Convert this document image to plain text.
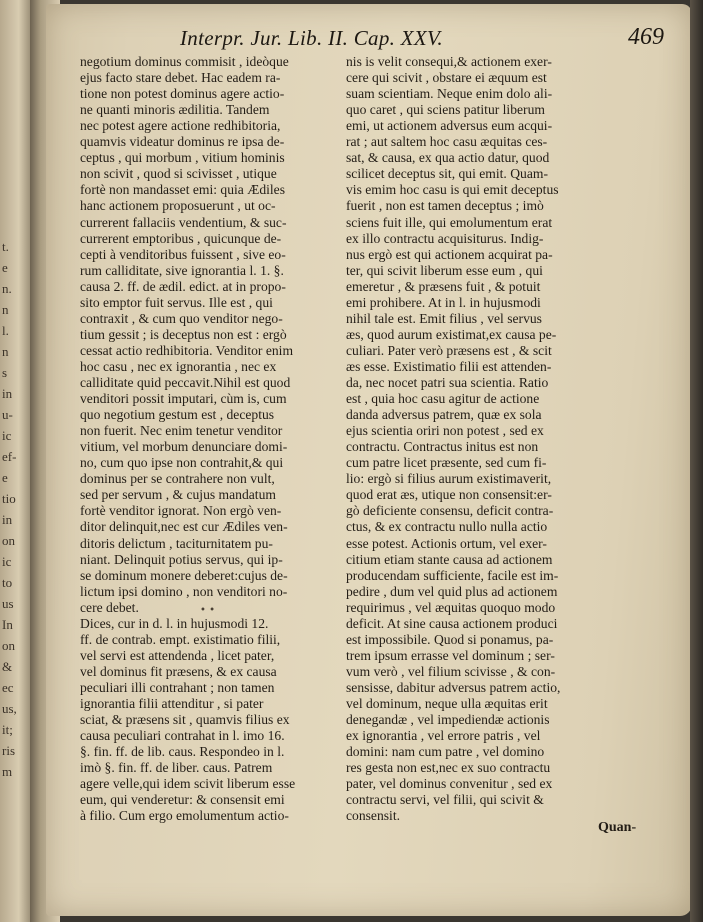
t.
e
n.
n
l.
n
s
in
u-
ic
ef-
e
tio
in
on
ic
to
us
In
on
&
ec
us,
it;
ris
m
Interpr. Jur. Lib. II. Cap. XXV.	469
negotium dominus commisit , ideòque
ejus facto stare debet. Hac eadem ra-
tione non potest dominus agere actio-
ne quanti minoris ædilitia. Tandem
nec potest agere actione redhibitoria,
quamvis videatur dominus re ipsa de-
ceptus , qui morbum , vitium hominis
non scivit , quod si scivisset , utique
fortè non mandasset emi: quia Ædiles
hanc actionem proposuerunt , ut oc-
currerent fallaciis vendentium, & suc-
currerent emptoribus , quicunque de-
cepti à venditoribus fuissent , sive eo-
rum calliditate, sive ignorantia l. 1. §.
causa 2. ff. de ædil. edict. at in propo-
sito emptor fuit servus. Ille est , qui
contraxit , & cum quo venditor nego-
tium gessit ; is deceptus non est : ergò
cessat actio redhibitoria. Venditor enim
hoc casu , nec ex ignorantia , nec ex
calliditate quid peccavit.Nihil est quod
venditori possit imputari, cùm is, cum
quo negotium gestum est , deceptus
non fuerit. Nec enim tenetur venditor
vitium, vel morbum denunciare domi-
no, cum quo ipse non contrahit,& qui
dominus per se contrahere non vult,
sed per servum , & cujus mandatum
fortè venditor ignorat. Non ergò ven-
ditor delinquit,nec est cur Ædiles ven-
ditoris delictum , taciturnitatem pu-
niant. Delinquit potius servus, qui ip-
se dominum monere deberet:cujus de-
lictum ipsi domino , non venditori no-
cere debet.
Dices, cur in d. l. in hujusmodi 12.
ff. de contrab. empt. existimatio filii,
vel servi est attendenda , licet pater,
vel dominus fit præsens, & ex causa
peculiari illi contrahant ; non tamen
ignorantia filii attenditur , si pater
sciat, & præsens sit , quamvis filius ex
causa peculiari contrahat in l. imo 16.
§. fin. ff. de lib. caus. Respondeo in l.
imò §. fin. ff. de liber. caus. Patrem
agere velle,qui idem scivit liberum esse
eum, qui venderetur: & consensit emi
à filio. Cum ergo emolumentum actio-
nis is velit consequi,& actionem exer-
cere qui scivit , obstare ei æquum est
suam scientiam. Neque enim dolo ali-
quo caret , qui sciens patitur liberum
emi, ut actionem adversus eum acqui-
rat ; aut saltem hoc casu æquitas ces-
sat, & causa, ex qua actio datur, quod
scilicet deceptus sit, qui emit. Quam-
vis emim hoc casu is qui emit deceptus
fuerit , non est tamen deceptus ; imò
sciens fuit ille, qui emolumentum erat
ex illo contractu acquisiturus. Indig-
nus ergò est qui actionem acquirat pa-
ter, qui scivit liberum esse eum , qui
emeretur , & præsens fuit , & potuit
emi prohibere. At in l. in hujusmodi
nihil tale est. Emit filius , vel servus
æs, quod aurum existimat,ex causa pe-
culiari. Pater verò præsens est , & scit
æs esse. Existimatio filii est attenden-
da, nec nocet patri sua scientia. Ratio
est , quia hoc casu agitur de actione
danda adversus patrem, quæ ex sola
ejus scientia oriri non potest , sed ex
contractu. Contractus initus est non
cum patre licet præsente, sed cum fi-
lio: ergò si filius aurum existimaverit,
quod erat æs, utique non consensit:er-
gò deficiente consensu, deficit contra-
ctus, & ex contractu nullo nulla actio
esse potest. Actionis ortum, vel exer-
citium etiam stante causa ad actionem
producendam sufficiente, facile est im-
pedire , dum vel quid plus ad actionem
requirimus , vel æquitas quoquo modo
deficit. At sine causa actionem produci
est impossibile. Quod si ponamus, pa-
trem ipsum errasse vel dominum ; ser-
vum verò , vel filium scivisse , & con-
sensisse, dabitur adversus patrem actio,
vel dominum, neque ulla æquitas erit
denegandæ , vel impediendæ actionis
ex ignorantia , vel errore patris , vel
domini: nam cum patre , vel domino
res gesta non est,nec ex suo contractu
pater, vel dominus convenitur , sed ex
contractu servi, vel filii, qui scivit &
consensit.
• •
Quan-
